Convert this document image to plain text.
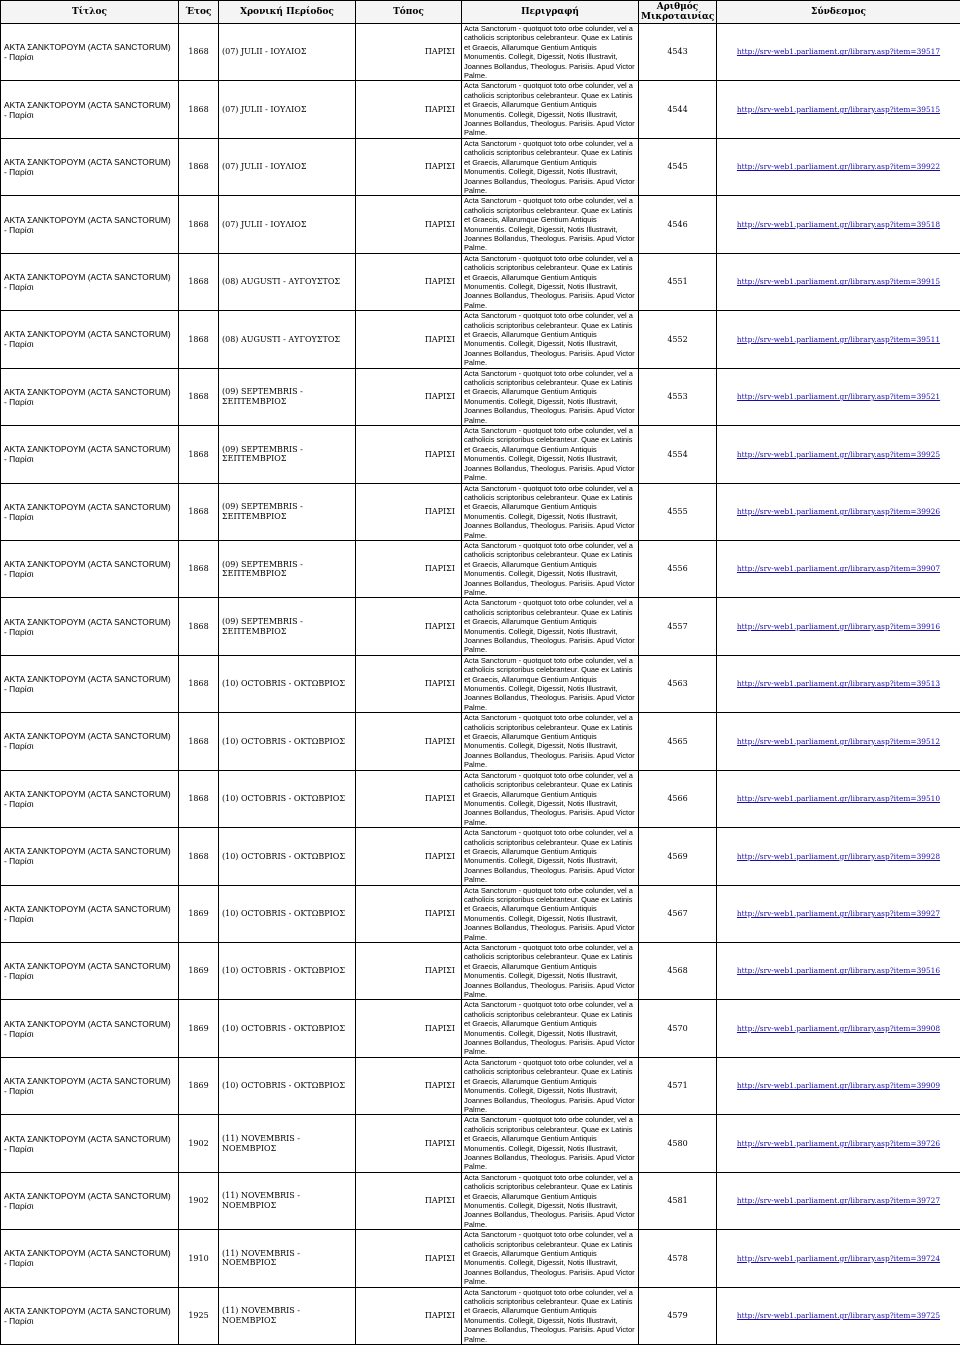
Τίτλος	Έτος	Χρονική Περίοδος	Τόπος	Περιγραφή	Αριθμός Μικροταινίας	Σύνδεσμος
ΑΚΤΑ ΣΑΝΚΤΟΡΟΥΜ (ACTA SANCTORUM) - Παρίσι	1868	(07) JULII - ΙΟΥΛΙΟΣ	ΠΑΡΙΣΙ	Acta Sanctorum - quotquot toto orbe colunder, vel a catholicis scriptoribus celebranteur. Quae ex Latinis et Graecis, Allarumque Gentium Antiquis Monumentis. Collegit, Digessit, Notis Illustravit, Joannes Bollandus, Theologus. Parisiis. Apud Victor Palme.	4543	http://srv-web1.parliament.gr/library.asp?item=39517
ΑΚΤΑ ΣΑΝΚΤΟΡΟΥΜ (ACTA SANCTORUM) - Παρίσι	1868	(07) JULII - ΙΟΥΛΙΟΣ	ΠΑΡΙΣΙ	Acta Sanctorum - quotquot toto orbe colunder, vel a catholicis scriptoribus celebranteur. Quae ex Latinis et Graecis, Allarumque Gentium Antiquis Monumentis. Collegit, Digessit, Notis Illustravit, Joannes Bollandus, Theologus. Parisiis. Apud Victor Palme.	4544	http://srv-web1.parliament.gr/library.asp?item=39515
ΑΚΤΑ ΣΑΝΚΤΟΡΟΥΜ (ACTA SANCTORUM) - Παρίσι	1868	(07) JULII - ΙΟΥΛΙΟΣ	ΠΑΡΙΣΙ	Acta Sanctorum - quotquot toto orbe colunder, vel a catholicis scriptoribus celebranteur. Quae ex Latinis et Graecis, Allarumque Gentium Antiquis Monumentis. Collegit, Digessit, Notis Illustravit, Joannes Bollandus, Theologus. Parisiis. Apud Victor Palme.	4545	http://srv-web1.parliament.gr/library.asp?item=39922
ΑΚΤΑ ΣΑΝΚΤΟΡΟΥΜ (ACTA SANCTORUM) - Παρίσι	1868	(07) JULII - ΙΟΥΛΙΟΣ	ΠΑΡΙΣΙ	Acta Sanctorum - quotquot toto orbe colunder, vel a catholicis scriptoribus celebranteur. Quae ex Latinis et Graecis, Allarumque Gentium Antiquis Monumentis. Collegit, Digessit, Notis Illustravit, Joannes Bollandus, Theologus. Parisiis. Apud Victor Palme.	4546	http://srv-web1.parliament.gr/library.asp?item=39518
ΑΚΤΑ ΣΑΝΚΤΟΡΟΥΜ (ACTA SANCTORUM) - Παρίσι	1868	(08) AUGUSTI - ΑΥΓΟΥΣΤΟΣ	ΠΑΡΙΣΙ	Acta Sanctorum - quotquot toto orbe colunder, vel a catholicis scriptoribus celebranteur. Quae ex Latinis et Graecis, Allarumque Gentium Antiquis Monumentis. Collegit, Digessit, Notis Illustravit, Joannes Bollandus, Theologus. Parisiis. Apud Victor Palme.	4551	http://srv-web1.parliament.gr/library.asp?item=39915
ΑΚΤΑ ΣΑΝΚΤΟΡΟΥΜ (ACTA SANCTORUM) - Παρίσι	1868	(08) AUGUSTI - ΑΥΓΟΥΣΤΟΣ	ΠΑΡΙΣΙ	Acta Sanctorum - quotquot toto orbe colunder, vel a catholicis scriptoribus celebranteur. Quae ex Latinis et Graecis, Allarumque Gentium Antiquis Monumentis. Collegit, Digessit, Notis Illustravit, Joannes Bollandus, Theologus. Parisiis. Apud Victor Palme.	4552	http://srv-web1.parliament.gr/library.asp?item=39511
ΑΚΤΑ ΣΑΝΚΤΟΡΟΥΜ (ACTA SANCTORUM) - Παρίσι	1868	(09) SEPTEMBRIS - ΣΕΠΤΕΜΒΡΙΟΣ	ΠΑΡΙΣΙ	Acta Sanctorum - quotquot toto orbe colunder, vel a catholicis scriptoribus celebranteur. Quae ex Latinis et Graecis, Allarumque Gentium Antiquis Monumentis. Collegit, Digessit, Notis Illustravit, Joannes Bollandus, Theologus. Parisiis. Apud Victor Palme.	4553	http://srv-web1.parliament.gr/library.asp?item=39521
ΑΚΤΑ ΣΑΝΚΤΟΡΟΥΜ (ACTA SANCTORUM) - Παρίσι	1868	(09) SEPTEMBRIS - ΣΕΠΤΕΜΒΡΙΟΣ	ΠΑΡΙΣΙ	Acta Sanctorum - quotquot toto orbe colunder, vel a catholicis scriptoribus celebranteur. Quae ex Latinis et Graecis, Allarumque Gentium Antiquis Monumentis. Collegit, Digessit, Notis Illustravit, Joannes Bollandus, Theologus. Parisiis. Apud Victor Palme.	4554	http://srv-web1.parliament.gr/library.asp?item=39925
ΑΚΤΑ ΣΑΝΚΤΟΡΟΥΜ (ACTA SANCTORUM) - Παρίσι	1868	(09) SEPTEMBRIS - ΣΕΠΤΕΜΒΡΙΟΣ	ΠΑΡΙΣΙ	Acta Sanctorum - quotquot toto orbe colunder, vel a catholicis scriptoribus celebranteur. Quae ex Latinis et Graecis, Allarumque Gentium Antiquis Monumentis. Collegit, Digessit, Notis Illustravit, Joannes Bollandus, Theologus. Parisiis. Apud Victor Palme.	4555	http://srv-web1.parliament.gr/library.asp?item=39926
ΑΚΤΑ ΣΑΝΚΤΟΡΟΥΜ (ACTA SANCTORUM) - Παρίσι	1868	(09) SEPTEMBRIS - ΣΕΠΤΕΜΒΡΙΟΣ	ΠΑΡΙΣΙ	Acta Sanctorum - quotquot toto orbe colunder, vel a catholicis scriptoribus celebranteur. Quae ex Latinis et Graecis, Allarumque Gentium Antiquis Monumentis. Collegit, Digessit, Notis Illustravit, Joannes Bollandus, Theologus. Parisiis. Apud Victor Palme.	4556	http://srv-web1.parliament.gr/library.asp?item=39907
ΑΚΤΑ ΣΑΝΚΤΟΡΟΥΜ (ACTA SANCTORUM) - Παρίσι	1868	(09) SEPTEMBRIS - ΣΕΠΤΕΜΒΡΙΟΣ	ΠΑΡΙΣΙ	Acta Sanctorum - quotquot toto orbe colunder, vel a catholicis scriptoribus celebranteur. Quae ex Latinis et Graecis, Allarumque Gentium Antiquis Monumentis. Collegit, Digessit, Notis Illustravit, Joannes Bollandus, Theologus. Parisiis. Apud Victor Palme.	4557	http://srv-web1.parliament.gr/library.asp?item=39916
ΑΚΤΑ ΣΑΝΚΤΟΡΟΥΜ (ACTA SANCTORUM) - Παρίσι	1868	(10) OCTOBRIS - ΟΚΤΩΒΡΙΟΣ	ΠΑΡΙΣΙ	Acta Sanctorum - quotquot toto orbe colunder, vel a catholicis scriptoribus celebranteur. Quae ex Latinis et Graecis, Allarumque Gentium Antiquis Monumentis. Collegit, Digessit, Notis Illustravit, Joannes Bollandus, Theologus. Parisiis. Apud Victor Palme.	4563	http://srv-web1.parliament.gr/library.asp?item=39513
ΑΚΤΑ ΣΑΝΚΤΟΡΟΥΜ (ACTA SANCTORUM) - Παρίσι	1868	(10) OCTOBRIS - ΟΚΤΩΒΡΙΟΣ	ΠΑΡΙΣΙ	Acta Sanctorum - quotquot toto orbe colunder, vel a catholicis scriptoribus celebranteur. Quae ex Latinis et Graecis, Allarumque Gentium Antiquis Monumentis. Collegit, Digessit, Notis Illustravit, Joannes Bollandus, Theologus. Parisiis. Apud Victor Palme.	4565	http://srv-web1.parliament.gr/library.asp?item=39512
ΑΚΤΑ ΣΑΝΚΤΟΡΟΥΜ (ACTA SANCTORUM) - Παρίσι	1868	(10) OCTOBRIS - ΟΚΤΩΒΡΙΟΣ	ΠΑΡΙΣΙ	Acta Sanctorum - quotquot toto orbe colunder, vel a catholicis scriptoribus celebranteur. Quae ex Latinis et Graecis, Allarumque Gentium Antiquis Monumentis. Collegit, Digessit, Notis Illustravit, Joannes Bollandus, Theologus. Parisiis. Apud Victor Palme.	4566	http://srv-web1.parliament.gr/library.asp?item=39510
ΑΚΤΑ ΣΑΝΚΤΟΡΟΥΜ (ACTA SANCTORUM) - Παρίσι	1868	(10) OCTOBRIS - ΟΚΤΩΒΡΙΟΣ	ΠΑΡΙΣΙ	Acta Sanctorum - quotquot toto orbe colunder, vel a catholicis scriptoribus celebranteur. Quae ex Latinis et Graecis, Allarumque Gentium Antiquis Monumentis. Collegit, Digessit, Notis Illustravit, Joannes Bollandus, Theologus. Parisiis. Apud Victor Palme.	4569	http://srv-web1.parliament.gr/library.asp?item=39928
ΑΚΤΑ ΣΑΝΚΤΟΡΟΥΜ (ACTA SANCTORUM) - Παρίσι	1869	(10) OCTOBRIS - ΟΚΤΩΒΡΙΟΣ	ΠΑΡΙΣΙ	Acta Sanctorum - quotquot toto orbe colunder, vel a catholicis scriptoribus celebranteur. Quae ex Latinis et Graecis, Allarumque Gentium Antiquis Monumentis. Collegit, Digessit, Notis Illustravit, Joannes Bollandus, Theologus. Parisiis. Apud Victor Palme.	4567	http://srv-web1.parliament.gr/library.asp?item=39927
ΑΚΤΑ ΣΑΝΚΤΟΡΟΥΜ (ACTA SANCTORUM) - Παρίσι	1869	(10) OCTOBRIS - ΟΚΤΩΒΡΙΟΣ	ΠΑΡΙΣΙ	Acta Sanctorum - quotquot toto orbe colunder, vel a catholicis scriptoribus celebranteur. Quae ex Latinis et Graecis, Allarumque Gentium Antiquis Monumentis. Collegit, Digessit, Notis Illustravit, Joannes Bollandus, Theologus. Parisiis. Apud Victor Palme.	4568	http://srv-web1.parliament.gr/library.asp?item=39516
ΑΚΤΑ ΣΑΝΚΤΟΡΟΥΜ (ACTA SANCTORUM) - Παρίσι	1869	(10) OCTOBRIS - ΟΚΤΩΒΡΙΟΣ	ΠΑΡΙΣΙ	Acta Sanctorum - quotquot toto orbe colunder, vel a catholicis scriptoribus celebranteur. Quae ex Latinis et Graecis, Allarumque Gentium Antiquis Monumentis. Collegit, Digessit, Notis Illustravit, Joannes Bollandus, Theologus. Parisiis. Apud Victor Palme.	4570	http://srv-web1.parliament.gr/library.asp?item=39908
ΑΚΤΑ ΣΑΝΚΤΟΡΟΥΜ (ACTA SANCTORUM) - Παρίσι	1869	(10) OCTOBRIS - ΟΚΤΩΒΡΙΟΣ	ΠΑΡΙΣΙ	Acta Sanctorum - quotquot toto orbe colunder, vel a catholicis scriptoribus celebranteur. Quae ex Latinis et Graecis, Allarumque Gentium Antiquis Monumentis. Collegit, Digessit, Notis Illustravit, Joannes Bollandus, Theologus. Parisiis. Apud Victor Palme.	4571	http://srv-web1.parliament.gr/library.asp?item=39909
ΑΚΤΑ ΣΑΝΚΤΟΡΟΥΜ (ACTA SANCTORUM) - Παρίσι	1902	(11) NOVEMBRIS - ΝΟΕΜΒΡΙΟΣ	ΠΑΡΙΣΙ	Acta Sanctorum - quotquot toto orbe colunder, vel a catholicis scriptoribus celebranteur. Quae ex Latinis et Graecis, Allarumque Gentium Antiquis Monumentis. Collegit, Digessit, Notis Illustravit, Joannes Bollandus, Theologus. Parisiis. Apud Victor Palme.	4580	http://srv-web1.parliament.gr/library.asp?item=39726
ΑΚΤΑ ΣΑΝΚΤΟΡΟΥΜ (ACTA SANCTORUM) - Παρίσι	1902	(11) NOVEMBRIS - ΝΟΕΜΒΡΙΟΣ	ΠΑΡΙΣΙ	Acta Sanctorum - quotquot toto orbe colunder, vel a catholicis scriptoribus celebranteur. Quae ex Latinis et Graecis, Allarumque Gentium Antiquis Monumentis. Collegit, Digessit, Notis Illustravit, Joannes Bollandus, Theologus. Parisiis. Apud Victor Palme.	4581	http://srv-web1.parliament.gr/library.asp?item=39727
ΑΚΤΑ ΣΑΝΚΤΟΡΟΥΜ (ACTA SANCTORUM) - Παρίσι	1910	(11) NOVEMBRIS - ΝΟΕΜΒΡΙΟΣ	ΠΑΡΙΣΙ	Acta Sanctorum - quotquot toto orbe colunder, vel a catholicis scriptoribus celebranteur. Quae ex Latinis et Graecis, Allarumque Gentium Antiquis Monumentis. Collegit, Digessit, Notis Illustravit, Joannes Bollandus, Theologus. Parisiis. Apud Victor Palme.	4578	http://srv-web1.parliament.gr/library.asp?item=39724
ΑΚΤΑ ΣΑΝΚΤΟΡΟΥΜ (ACTA SANCTORUM) - Παρίσι	1925	(11) NOVEMBRIS - ΝΟΕΜΒΡΙΟΣ	ΠΑΡΙΣΙ	Acta Sanctorum - quotquot toto orbe colunder, vel a catholicis scriptoribus celebranteur. Quae ex Latinis et Graecis, Allarumque Gentium Antiquis Monumentis. Collegit, Digessit, Notis Illustravit, Joannes Bollandus, Theologus. Parisiis. Apud Victor Palme.	4579	http://srv-web1.parliament.gr/library.asp?item=39725
